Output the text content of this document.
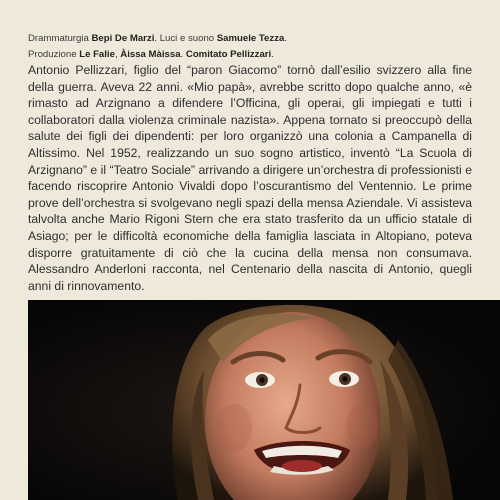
Drammaturgia Bepi De Marzi. Luci e suono Samuele Tezza.
Produzione Le Falie, Àissa Màissa. Comitato Pellizzari.

Antonio Pellizzari, figlio del “paron Giacomo” tornò dall’esilio svizzero alla fine della guerra. Aveva 22 anni. «Mio papà», avrebbe scritto dopo qualche anno, «è rimasto ad Arzignano a difendere l’Officina, gli operai, gli impiegati e tutti i collaboratori dalla violenza criminale nazista». Appena tornato si preoccupò della salute dei figli dei dipendenti: per loro organizzò una colonia a Campanella di Altissimo. Nel 1952, realizzando un suo sogno artistico, inventò “La Scuola di Arzignano” e il “Teatro Sociale” arrivando a dirigere un’orchestra di professionisti e facendo riscoprire Antonio Vivaldi dopo l’oscurantismo del Ventennio. Le prime prove dell’orchestra si svolgevano negli spazi della mensa Aziendale. Vi assisteva talvolta anche Mario Rigoni Stern che era stato trasferito da un ufficio statale di Asiago; per le difficoltà economiche della famiglia lasciata in Altopiano, poteva disporre gratuitamente di ciò che la cucina della mensa non consumava. Alessandro Anderloni racconta, nel Centenario della nascita di Antonio, quegli anni di rinnovamento.
